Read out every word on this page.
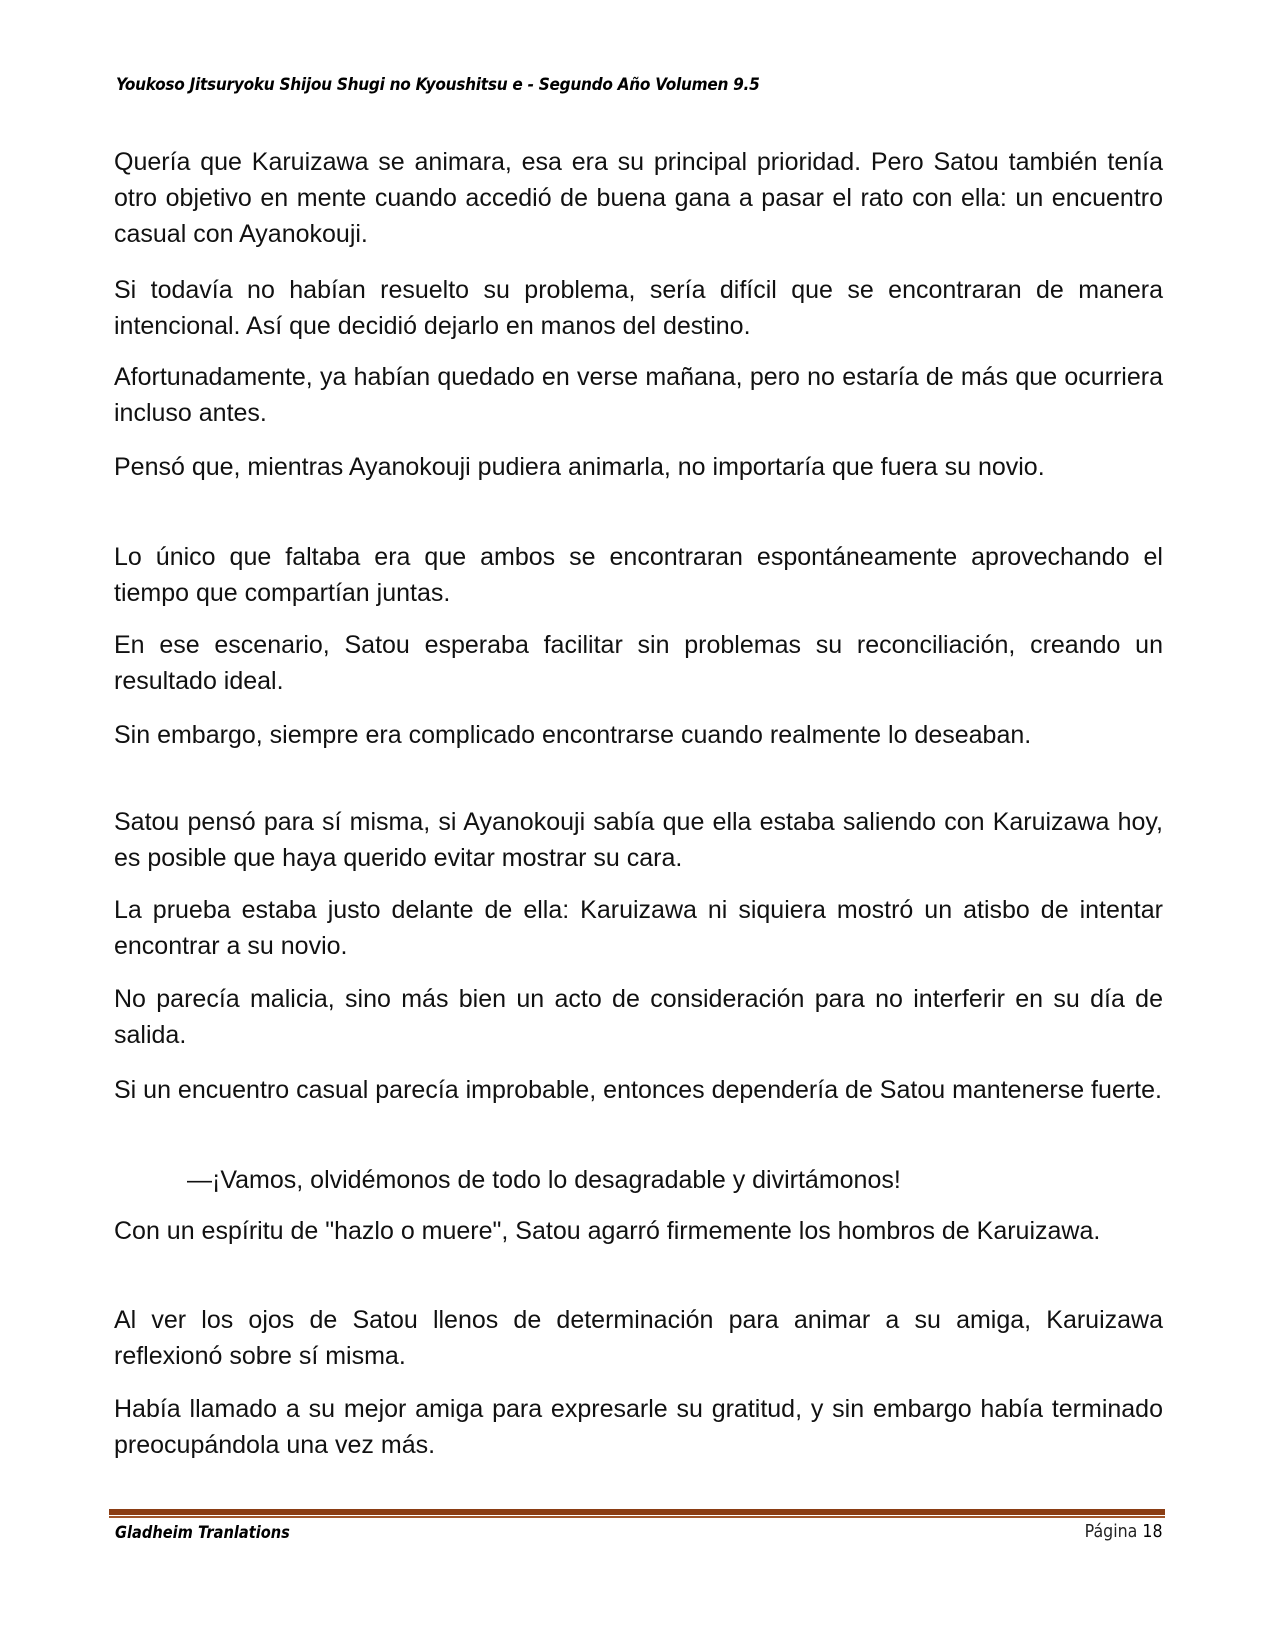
Youkoso Jitsuryoku Shijou Shugi no Kyoushitsu e - Segundo Año Volumen 9.5

Quería que Karuizawa se animara, esa era su principal prioridad. Pero Satou también tenía otro objetivo en mente cuando accedió de buena gana a pasar el rato con ella: un encuentro casual con Ayanokouji.

Si todavía no habían resuelto su problema, sería difícil que se encontraran de manera intencional. Así que decidió dejarlo en manos del destino.

Afortunadamente, ya habían quedado en verse mañana, pero no estaría de más que ocurriera incluso antes.

Pensó que, mientras Ayanokouji pudiera animarla, no importaría que fuera su novio.

Lo único que faltaba era que ambos se encontraran espontáneamente aprovechando el tiempo que compartían juntas.

En ese escenario, Satou esperaba facilitar sin problemas su reconciliación, creando un resultado ideal.

Sin embargo, siempre era complicado encontrarse cuando realmente lo deseaban.

Satou pensó para sí misma, si Ayanokouji sabía que ella estaba saliendo con Karuizawa hoy, es posible que haya querido evitar mostrar su cara.

La prueba estaba justo delante de ella: Karuizawa ni siquiera mostró un atisbo de intentar encontrar a su novio.

No parecía malicia, sino más bien un acto de consideración para no interferir en su día de salida.

Si un encuentro casual parecía improbable, entonces dependería de Satou mantenerse fuerte.

—¡Vamos, olvidémonos de todo lo desagradable y divirtámonos!

Con un espíritu de "hazlo o muere", Satou agarró firmemente los hombros de Karuizawa.

Al ver los ojos de Satou llenos de determinación para animar a su amiga, Karuizawa reflexionó sobre sí misma.

Había llamado a su mejor amiga para expresarle su gratitud, y sin embargo había terminado preocupándola una vez más.

Gladheim Tranlations	Página 18
